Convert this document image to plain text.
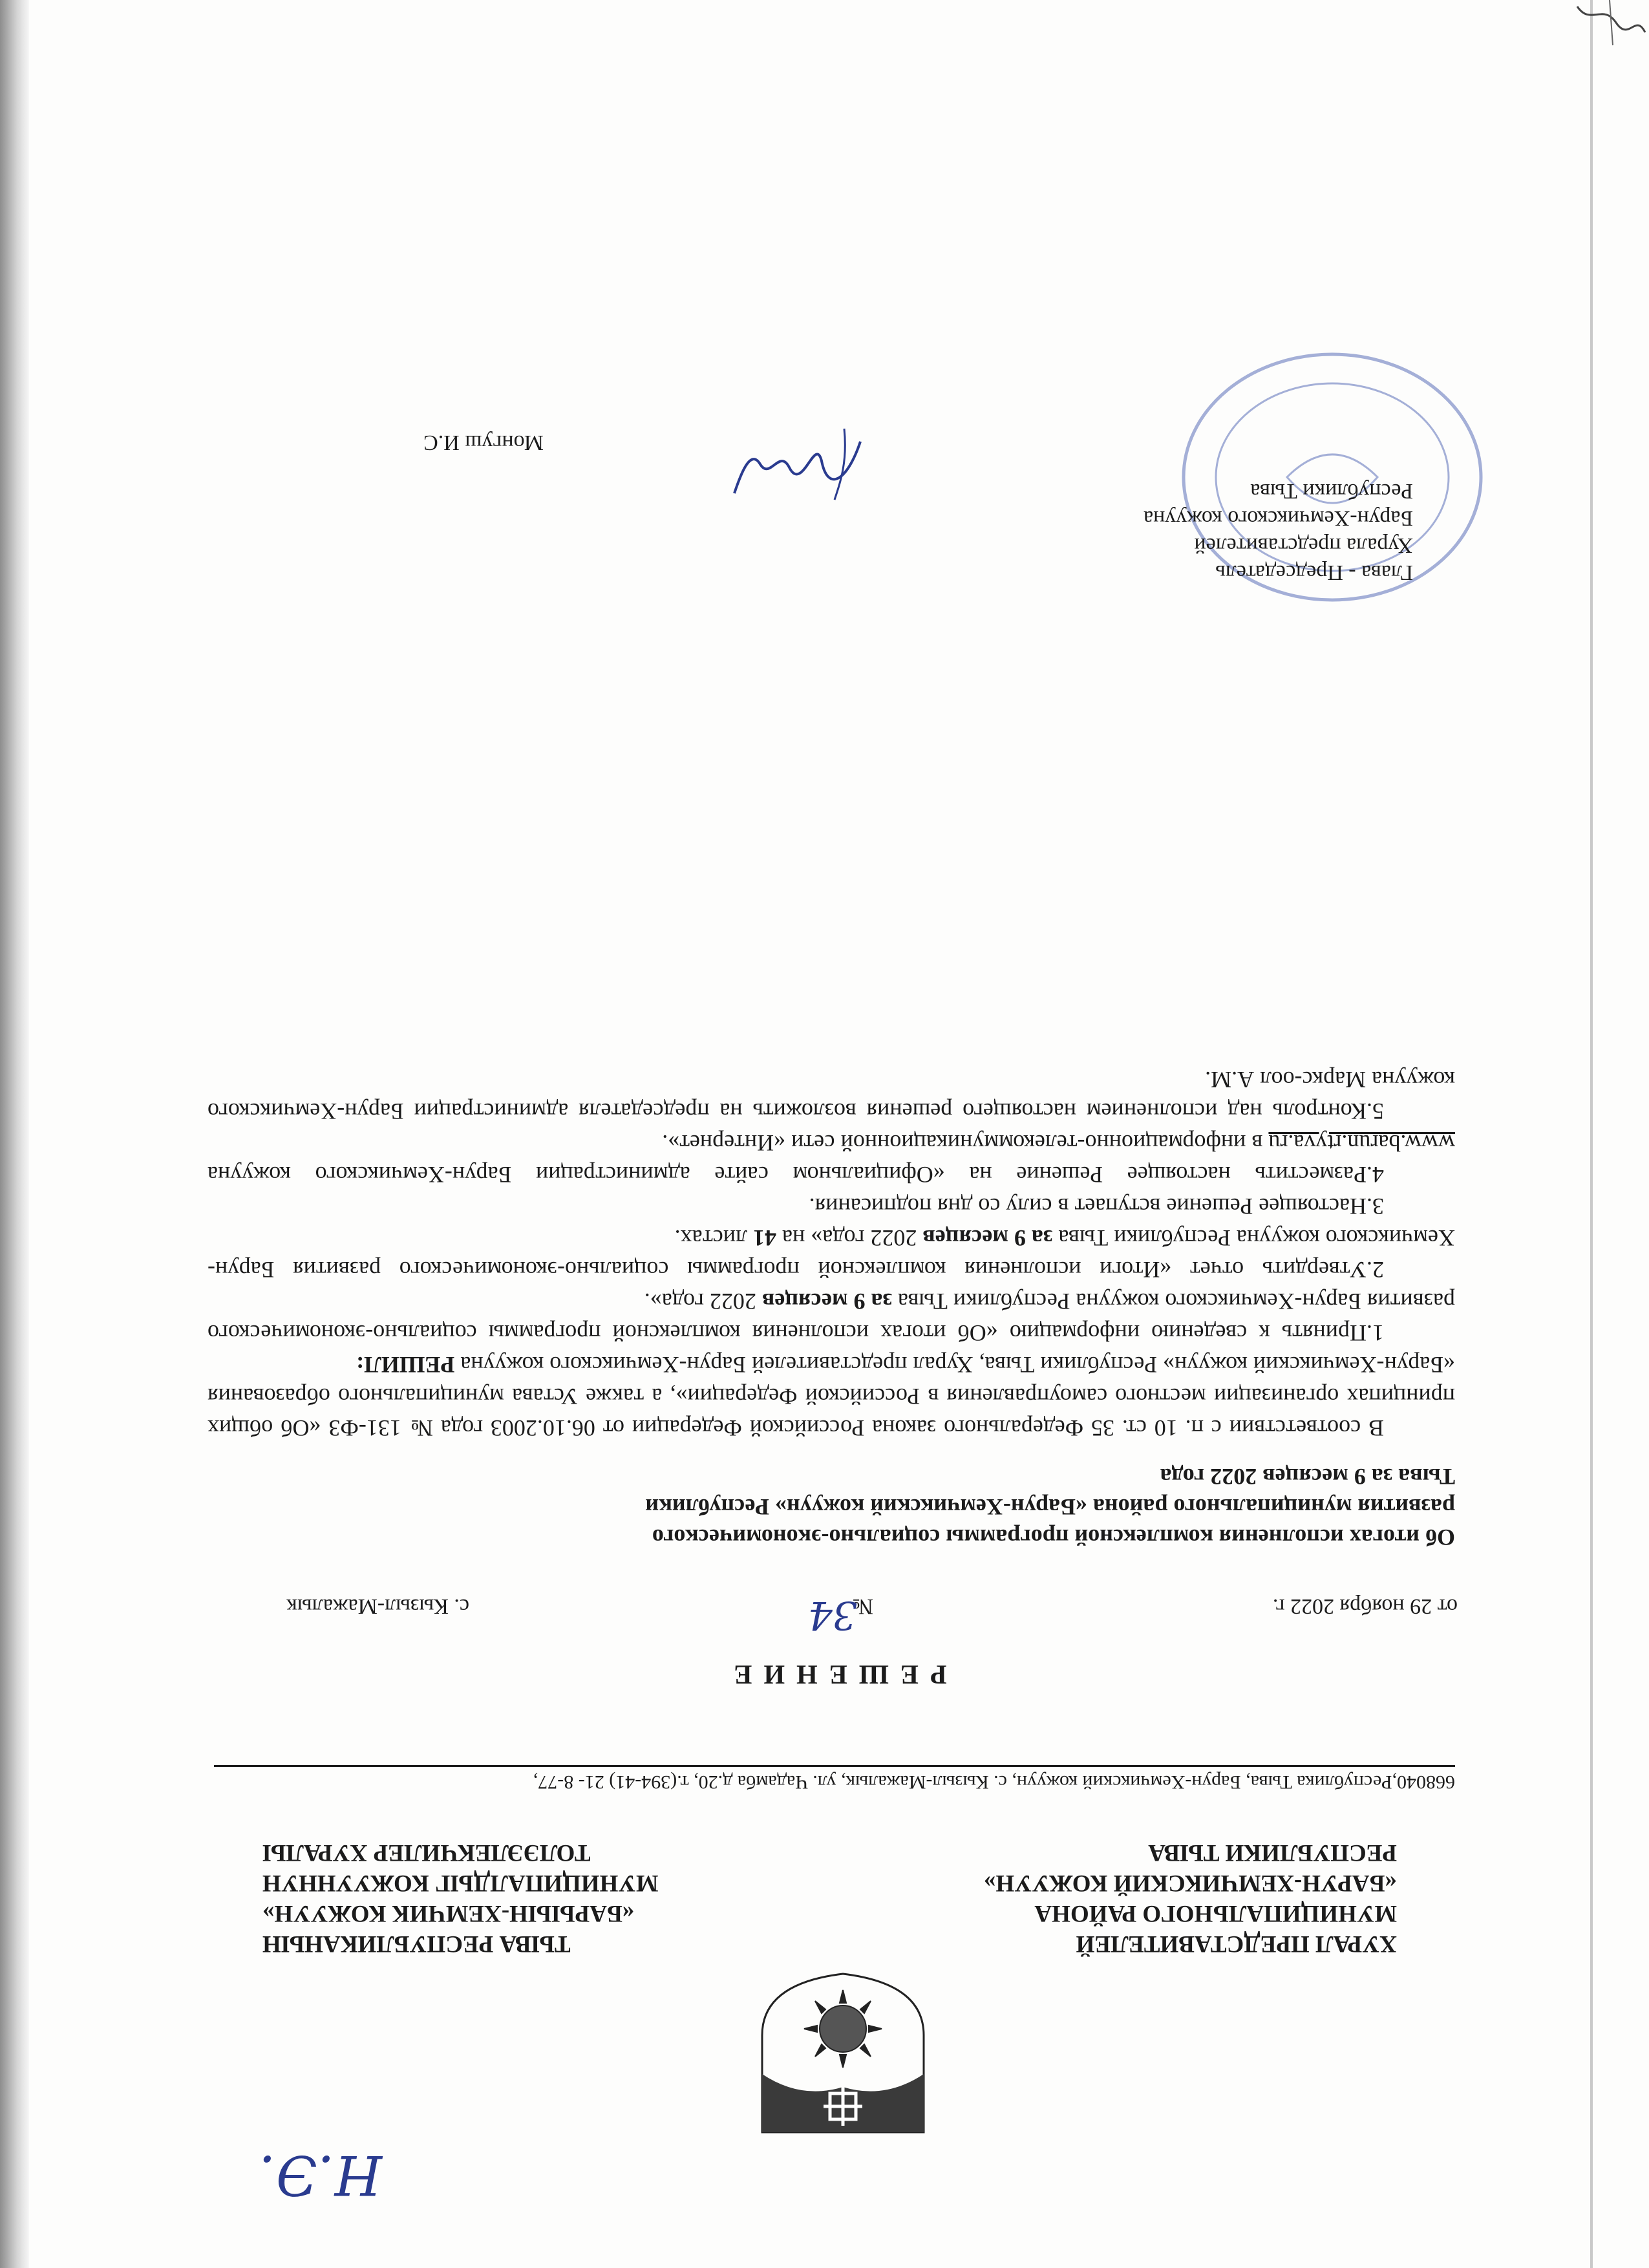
Н.Э.
ХУРАЛ ПРЕДСТАВИТЕЛЕЙ
МУНИЦИПАЛЬНОГО РАЙОНА
«БАРУН-ХЕМЧИКСКИЙ КОЖУУН»
РЕСПУБЛИКИ ТЫВА
ТЫВА РЕСПУБЛИКАНЫН
«БАРЫЫН-ХЕМЧИК КОЖУУН»
МУНИЦИПАЛДЫГ КОЖУУННУН
ТОЛЭЭЛЕКЧИЛЕР ХУРАЛЫ
668040,Республика Тыва, Барун-Хемчикский кожуун, с. Кызыл-Мажалык, ул. Чадамба д.20, т.(394-41) 21- 8-77,
РЕШЕНИЕ
от 29 ноября 2022 г.
№
34
с. Кызыл-Мажалык
Об итогах исполнения комплексной программы социально-экономического
развития муниципального района «Барун-Хемчикский кожуун» Республики
Тыва за 9 месяцев 2022 года

В соответствии с п. 10 ст. 35 Федерального закона Российской Федерации от 06.10.2003 года № 131-ФЗ «Об общих принципах организации местного самоуправления в Российской Федерации», а также Устава муниципального образования «Барун-Хемчикский кожуун» Республики Тыва, Хурал представителей Барун-Хемчикского кожууна РЕШИЛ:

1.Принять к сведению информацию «Об итогах исполнения комплексной программы социально-экономического развития Барун-Хемчикского кожууна Республики Тыва за 9 месяцев 2022 года».

2.Утвердить отчет «Итоги исполнения комплексной программы социально-экономического развития Барун-Хемчикского кожууна Республики Тыва за 9 месяцев 2022 года» на 41 листах.

3.Настоящее Решение вступает в силу со дня подписания.

4.Разместить настоящее Решение на «Официальном сайте администрации Барун-Хемчикского кожууна www.barun.rtyva.ru в информационно-телекоммуникационной сети «Интернет».

5.Контроль над исполнением настоящего решения возложить на председателя администрации Барун-Хемчикского кожууна Маркс-оол А.М.

Глава - Председатель
Хурала представителей
Барун-Хемчикского кожууна
Республики Тыва
Монгуш И.С
